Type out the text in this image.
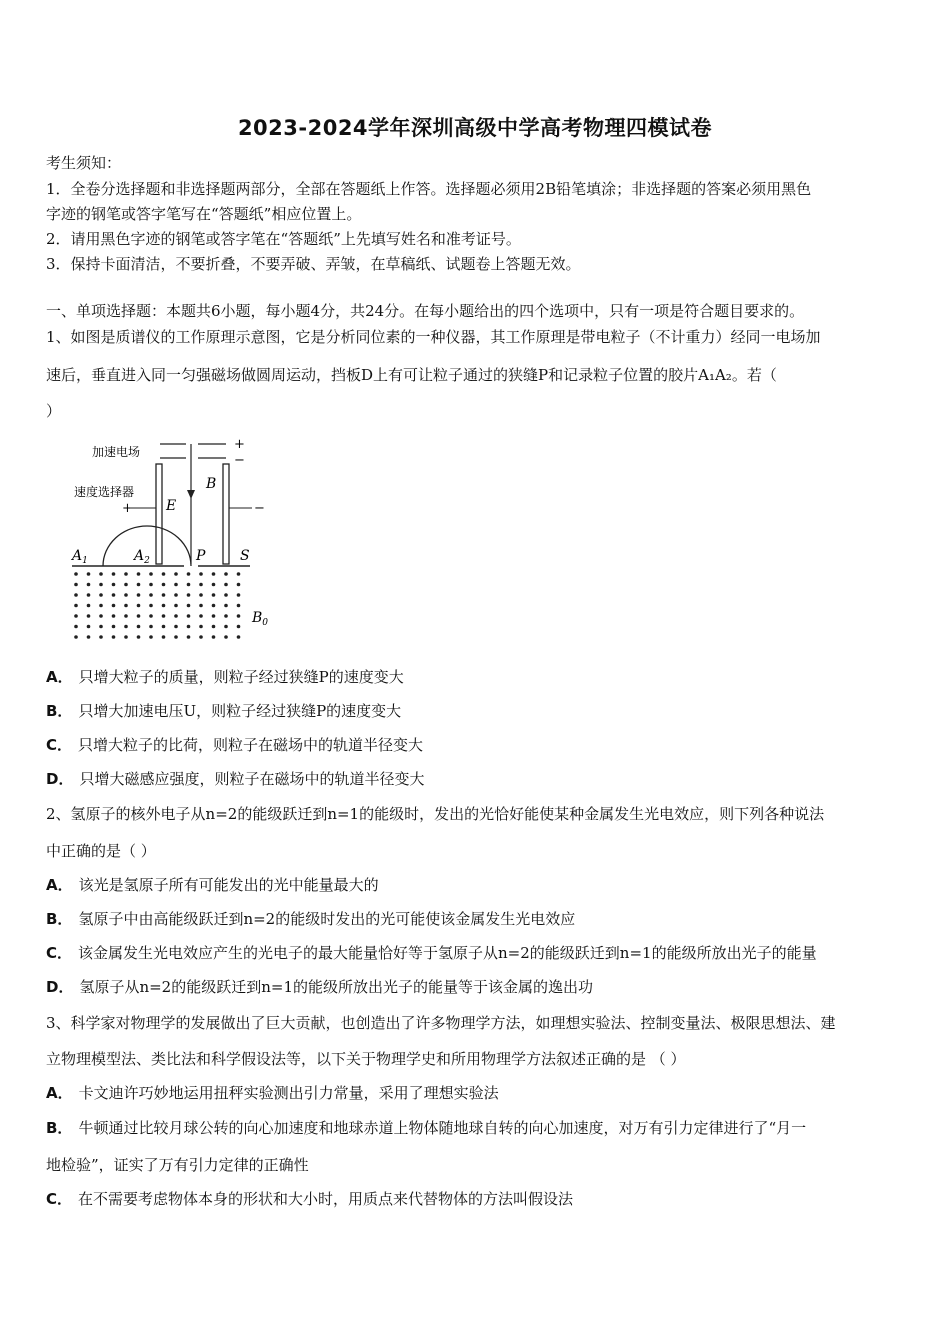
2023-2024学年深圳高级中学高考物理四模试卷
考生须知：
1．全卷分选择题和非选择题两部分，全部在答题纸上作答。选择题必须用2B铅笔填涂；非选择题的答案必须用黑色
字迹的钢笔或答字笔写在“答题纸”相应位置上。
2．请用黑色字迹的钢笔或答字笔在“答题纸”上先填写姓名和准考证号。
3．保持卡面清洁，不要折叠，不要弄破、弄皱，在草稿纸、试题卷上答题无效。
一、单项选择题：本题共6小题，每小题4分，共24分。在每小题给出的四个选项中，只有一项是符合题目要求的。
1、如图是质谱仪的工作原理示意图，它是分析同位素的一种仪器，其工作原理是带电粒子（不计重力）经同一电场加
速后，垂直进入同一匀强磁场做圆周运动，挡板D上有可让粒子通过的狭缝P和记录粒子位置的胶片A₁A₂。若（
）
加速电场	+
−
速度选择器
+	−
E
B
$A_1$	$A_2$	P S
$B_0$
A． 只增大粒子的质量，则粒子经过狭缝P的速度变大
B． 只增大加速电压U，则粒子经过狭缝P的速度变大
C． 只增大粒子的比荷，则粒子在磁场中的轨道半径变大
D． 只增大磁感应强度，则粒子在磁场中的轨道半径变大
2、氢原子的核外电子从n=2的能级跃迁到n=1的能级时，发出的光恰好能使某种金属发生光电效应，则下列各种说法
中正确的是（ ）
A． 该光是氢原子所有可能发出的光中能量最大的
B． 氢原子中由高能级跃迁到n=2的能级时发出的光可能使该金属发生光电效应
C． 该金属发生光电效应产生的光电子的最大能量恰好等于氢原子从n=2的能级跃迁到n=1的能级所放出光子的能量
D． 氢原子从n=2的能级跃迁到n=1的能级所放出光子的能量等于该金属的逸出功
3、科学家对物理学的发展做出了巨大贡献，也创造出了许多物理学方法，如理想实验法、控制变量法、极限思想法、建
立物理模型法、类比法和科学假设法等，以下关于物理学史和所用物理学方法叙述正确的是 （ ）
A． 卡文迪许巧妙地运用扭秤实验测出引力常量，采用了理想实验法
B． 牛顿通过比较月球公转的向心加速度和地球赤道上物体随地球自转的向心加速度，对万有引力定律进行了“月一
地检验”，证实了万有引力定律的正确性
C． 在不需要考虑物体本身的形状和大小时，用质点来代替物体的方法叫假设法
